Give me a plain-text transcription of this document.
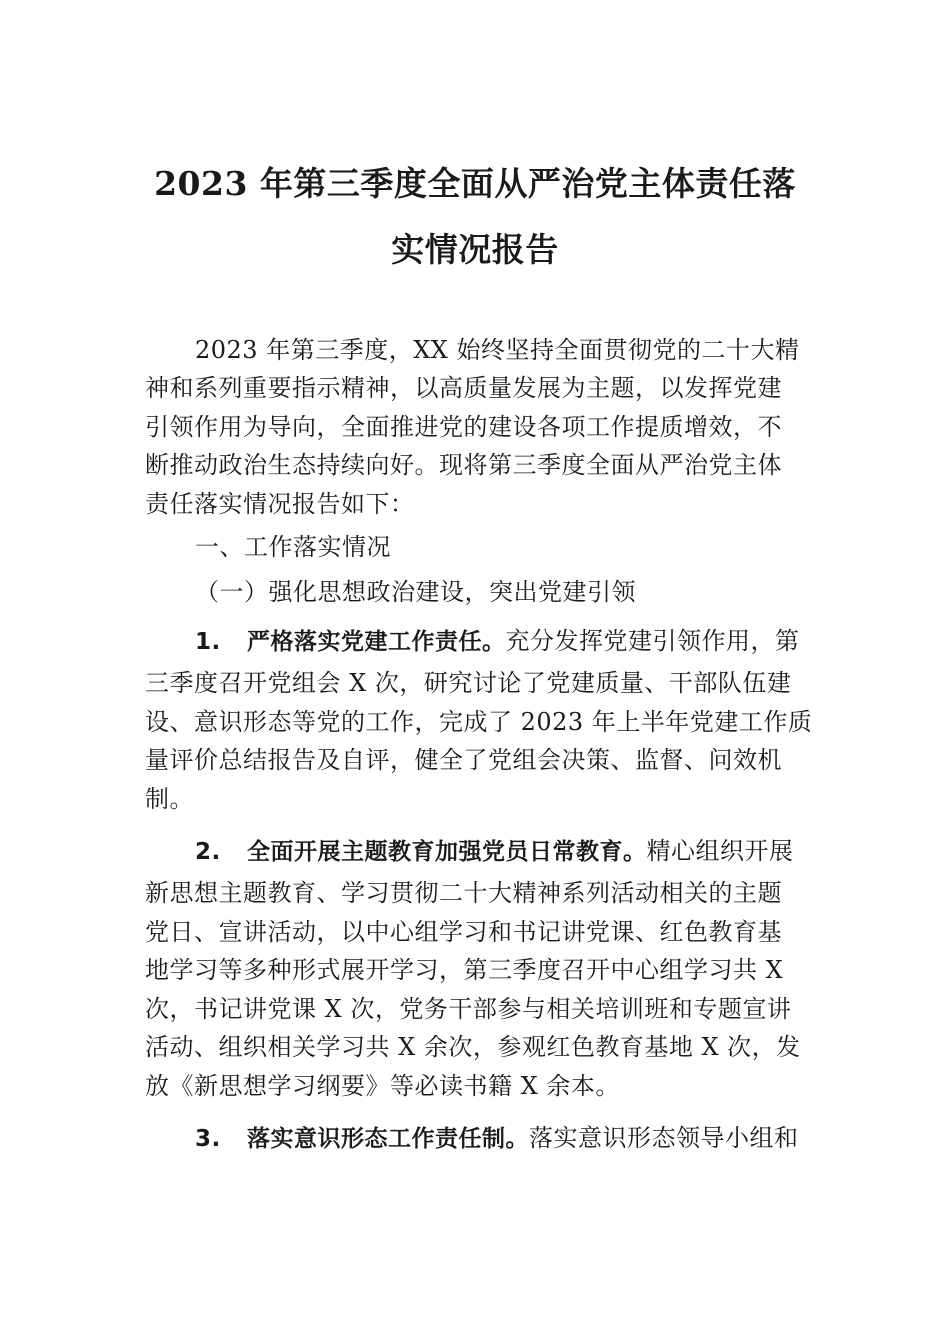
2023 年第三季度全面从严治党主体责任落
实情况报告
2023 年第三季度，XX 始终坚持全面贯彻党的二十大精
神和系列重要指示精神，以高质量发展为主题，以发挥党建
引领作用为导向，全面推进党的建设各项工作提质增效，不
断推动政治生态持续向好。现将第三季度全面从严治党主体
责任落实情况报告如下：
一、工作落实情况
（一）强化思想政治建设，突出党建引领
1. 严格落实党建工作责任。充分发挥党建引领作用，第
三季度召开党组会 X 次，研究讨论了党建质量、干部队伍建
设、意识形态等党的工作，完成了 2023 年上半年党建工作质
量评价总结报告及自评，健全了党组会决策、监督、问效机
制。
2. 全面开展主题教育加强党员日常教育。精心组织开展
新思想主题教育、学习贯彻二十大精神系列活动相关的主题
党日、宣讲活动，以中心组学习和书记讲党课、红色教育基
地学习等多种形式展开学习，第三季度召开中心组学习共 X
次，书记讲党课 X 次，党务干部参与相关培训班和专题宣讲
活动、组织相关学习共 X 余次，参观红色教育基地 X 次，发
放《新思想学习纲要》等必读书籍 X 余本。
3. 落实意识形态工作责任制。落实意识形态领导小组和
